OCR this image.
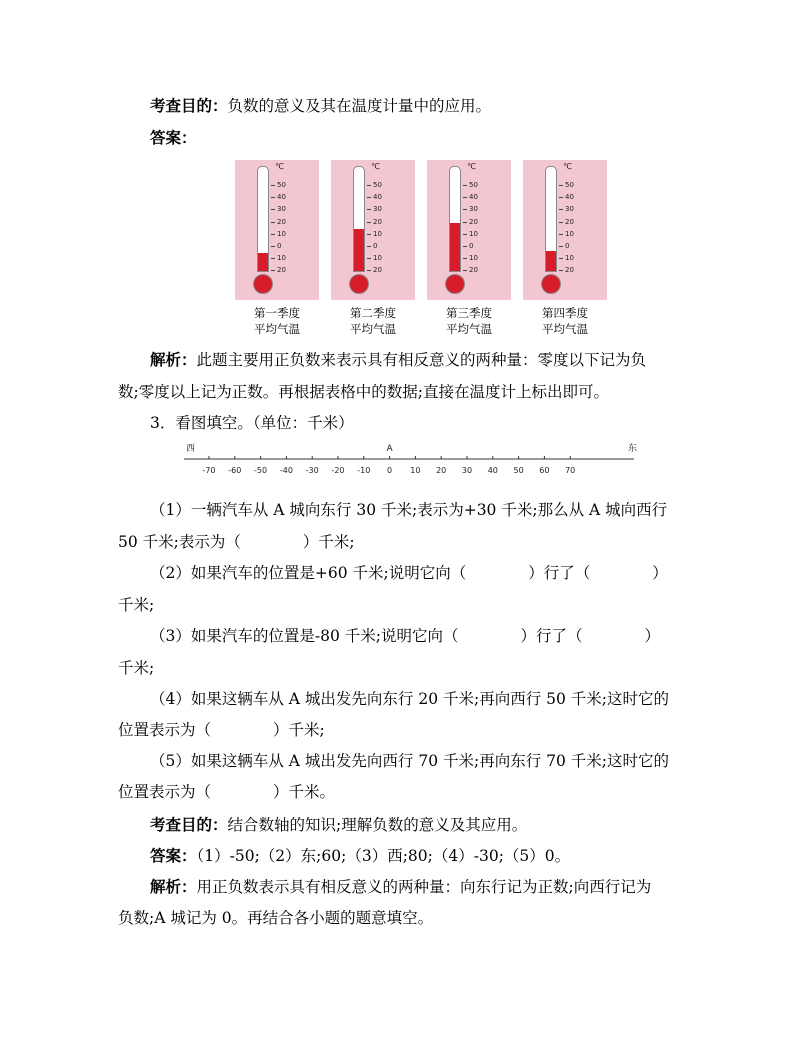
考查目的：负数的意义及其在温度计量中的应用。
答案：
℃
50
40
30
20
10
0
10
20
第一季度
平均气温
℃
50
40
30
20
10
0
10
20
第二季度
平均气温
℃
50
40
30
20
10
0
10
20
第三季度
平均气温
℃
50
40
30
20
10
0
10
20
第四季度
平均气温
解析：此题主要用正负数来表示具有相反意义的两种量：零度以下记为负
数;零度以上记为正数。再根据表格中的数据;直接在温度计上标出即可。
3．看图填空。（单位：千米）
-70 -60 -50 -40 -30 -20 -10 0 10 20 30 40 50 60 70
西	东
A
（1）一辆汽车从 A 城向东行 30 千米;表示为+30 千米;那么从 A 城向西行
50 千米;表示为（　　　　）千米;
（2）如果汽车的位置是+60 千米;说明它向（　　　　）行了（　　　　）
千米;
（3）如果汽车的位置是-80 千米;说明它向（　　　　）行了（　　　　）
千米;
（4）如果这辆车从 A 城出发先向东行 20 千米;再向西行 50 千米;这时它的
位置表示为（　　　　）千米;
（5）如果这辆车从 A 城出发先向西行 70 千米;再向东行 70 千米;这时它的
位置表示为（　　　　）千米。
考查目的：结合数轴的知识;理解负数的意义及其应用。
答案：（1）-50;（2）东;60;（3）西;80;（4）-30;（5）0。
解析：用正负数表示具有相反意义的两种量：向东行记为正数;向西行记为
负数;A 城记为 0。再结合各小题的题意填空。
